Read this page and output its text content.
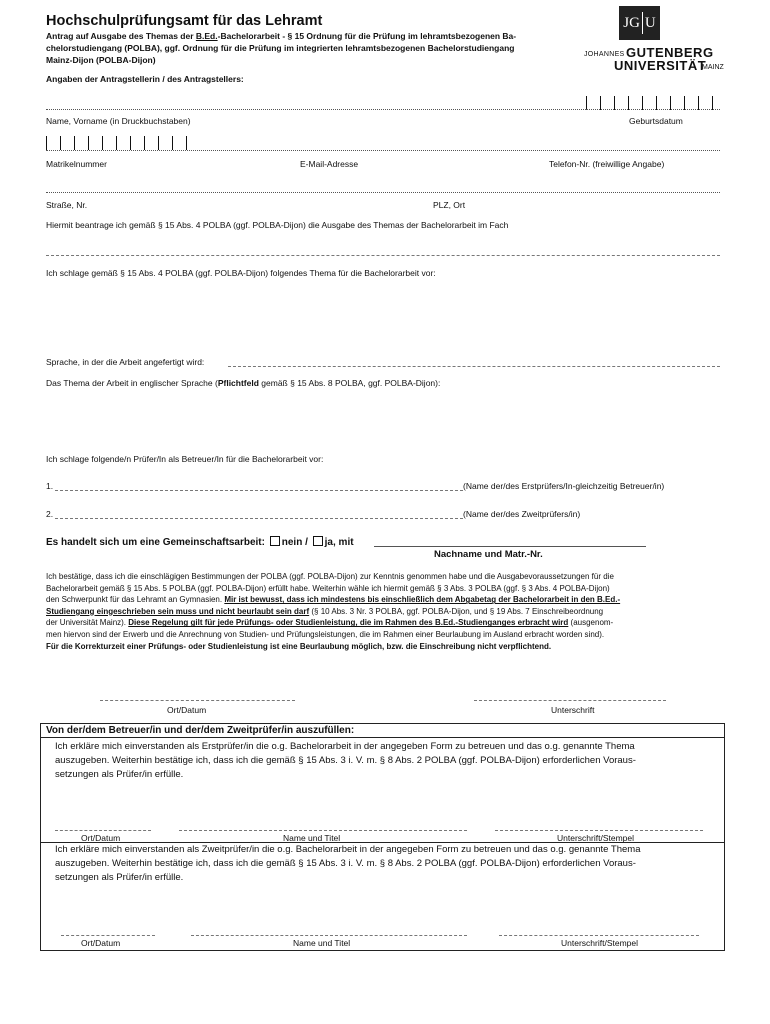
Hochschulprüfungsamt für das Lehramt
Antrag auf Ausgabe des Themas der B.Ed.-Bachelorarbeit - § 15 Ordnung für die Prüfung im lehramtsbezogenen Ba-
chelorstudiengang (POLBA), ggf. Ordnung für die Prüfung im integrierten lehramtsbezogenen Bachelorstudiengang
Mainz-Dijon (POLBA-Dijon)
Angaben der Antragstellerin / des Antragstellers:
JG U
JOHANNES GUTENBERG
UNIVERSITÄT
MAINZ
Name, Vorname (in Druckbuchstaben)	Geburtsdatum
Matrikelnummer	E-Mail-Adresse	Telefon-Nr. (freiwillige Angabe)
Straße, Nr.	PLZ, Ort
Hiermit beantrage ich gemäß § 15 Abs. 4 POLBA (ggf. POLBA-Dijon) die Ausgabe des Themas der Bachelorarbeit im Fach
Ich schlage gemäß § 15 Abs. 4 POLBA (ggf. POLBA-Dijon) folgendes Thema für die Bachelorarbeit vor:
Sprache, in der die Arbeit angefertigt wird:
Das Thema der Arbeit in englischer Sprache (Pflichtfeld gemäß § 15 Abs. 8 POLBA, ggf. POLBA-Dijon):
Ich schlage folgende/n Prüfer/In als Betreuer/In für die Bachelorarbeit vor:
1.	(Name der/des Erstprüfers/In-gleichzeitig Betreuer/in)
2.	(Name der/des Zweitprüfers/in)
Es handelt sich um eine Gemeinschaftsarbeit: nein / ja, mit
Nachname und Matr.-Nr.
Ich bestätige, dass ich die einschlägigen Bestimmungen der POLBA (ggf. POLBA-Dijon) zur Kenntnis genommen habe und die Ausgabevoraussetzungen für die
Bachelorarbeit gemäß § 15 Abs. 5 POLBA (ggf. POLBA-Dijon) erfüllt habe. Weiterhin wähle ich hiermit gemäß § 3 Abs. 3 POLBA (ggf. § 3 Abs. 4 POLBA-Dijon)
den Schwerpunkt für das Lehramt an Gymnasien. Mir ist bewusst, dass ich mindestens bis einschließlich dem Abgabetag der Bachelorarbeit in den B.Ed.-
Studiengang eingeschrieben sein muss und nicht beurlaubt sein darf (§ 10 Abs. 3 Nr. 3 POLBA, ggf. POLBA-Dijon, und § 19 Abs. 7 Einschreibeordnung
der Universität Mainz). Diese Regelung gilt für jede Prüfungs- oder Studienleistung, die im Rahmen des B.Ed.-Studienganges erbracht wird (ausgenom-
men hiervon sind der Erwerb und die Anrechnung von Studien- und Prüfungsleistungen, die im Rahmen einer Beurlaubung im Ausland erbracht worden sind).
Für die Korrekturzeit einer Prüfungs- oder Studienleistung ist eine Beurlaubung möglich, bzw. die Einschreibung nicht verpflichtend.
Ort/Datum	Unterschrift
Von der/dem Betreuer/in und der/dem Zweitprüfer/in auszufüllen:
Ich erkläre mich einverstanden als Erstprüfer/in die o.g. Bachelorarbeit in der angegeben Form zu betreuen und das o.g. genannte Thema
auszugeben. Weiterhin bestätige ich, dass ich die gemäß § 15 Abs. 3 i. V. m. § 8 Abs. 2 POLBA (ggf. POLBA-Dijon) erforderlichen Voraus-
setzungen als Prüfer/in erfülle.
Ort/Datum	Name und Titel	Unterschrift/Stempel
Ich erkläre mich einverstanden als Zweitprüfer/in die o.g. Bachelorarbeit in der angegeben Form zu betreuen und das o.g. genannte Thema
auszugeben. Weiterhin bestätige ich, dass ich die gemäß § 15 Abs. 3 i. V. m. § 8 Abs. 2 POLBA (ggf. POLBA-Dijon) erforderlichen Voraus-
setzungen als Prüfer/in erfülle.
Ort/Datum	Name und Titel	Unterschrift/Stempel
